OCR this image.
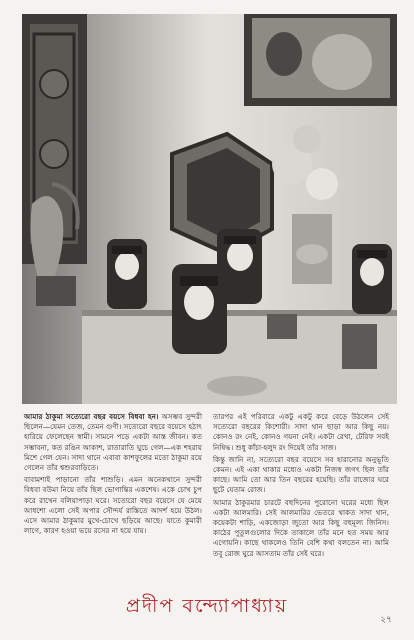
আমার ঠাকুমা সত্যেরো বছর বয়সে বিধবা হন। অসম্ভব সুন্দরী ছিলেন—যেমন তেজ, তেমন গুণী। সত্যেরো বছরে বয়েসে হঠাৎ হারিয়ে ফেলেছেন স্বামী। সামনে পড়ে একটা আস্ত জীবন। কত সম্ভাবনা, কত রঙিন আকাশ, রাতারাতি ঘুচে গেল—এক শহরায় মিশে গেল যেন। সাদা থানে এবাবা কাশফুলের মতো ঠাকুমা রয়ে গেলেন তাঁর শ্বশুরবাড়িতে।

বাবামশাই পাড়ানো তাঁর শাশুড়ি। এমন অনেকখানে সুন্দরী বিধবা বউমা নিয়ে তাঁর ছিল ভোগান্তির একশেষ। একে চোখ চুপ করে রাখেন বলিয়াপাড়া ঘরে। সত্যেরো বছর বয়েসে যে মেয়ে আধশো এলো সেই অপার সৌন্দর্য রাস্তিতে আদর্শ হয়ে উঠল। এসে আমার ঠাকুমার মুখে-চোখে ছড়িয়ে আছে। যাতে কুমারী লাগে, কারণ হওয়া ভয়ে রসের না হয়ে যায়।

তারপর এই পরিবারে একটু একটু করে বেড়ে উঠলেন সেই সত্যেরো বছরের কিশোরী। সাদা থান ছাড়া আর কিছু নয়। কোনও রং নেই, কোনও গয়না নেই। একটা রেখা, টেরিফ সবই নিষিদ্ধ। শুধু কাঁচা-হলুদ রং দিয়েই তাঁর সাজ।

কিন্তু জানি না, সত্যেরো বছর বয়েসে সব হারানোর অনুভূতি কেমন। এই একা থাকার মধ্যেও একটা নিজস্ব জগৎ ছিল তাঁর কাছে। আমি তো আর তিন বছরের হয়েছি। তাঁর রাজ্যের ঘরে ছুটে যেতাম রোজ।

আমার ঠাকুরমার চারটে বহুদিনের পুরোনো ঘরের মধ্যে ছিল একটা আলমারি। সেই আলমারির ভেতরে থাকত সাদা থান, কয়েকটা শাড়ি, একজোড়া জুতো আর কিছু বহুমূল্য জিনিস। কাঠের পুতুলগুলোর দিকে তাকালে তাঁর মনে হত সময় আর এগোয়নি। কাছে থাকলেও তিনি বেশি কথা বলতেন না। আমি তবু রোজ ঘুরে আসতাম তাঁর সেই ঘরে।

প্রদীপ বন্দ্যোপাধ্যায়
২৭
